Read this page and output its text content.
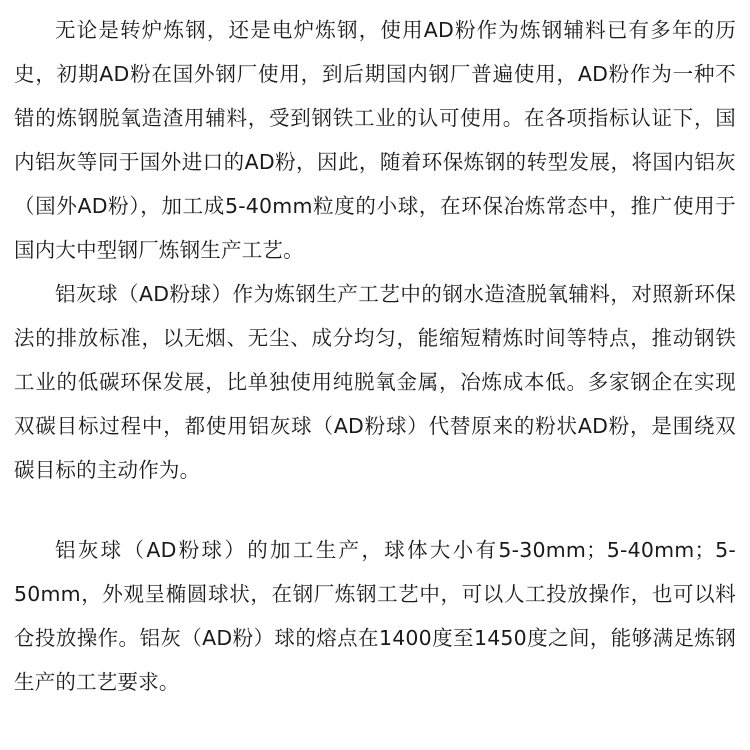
无论是转炉炼钢，还是电炉炼钢，使用AD粉作为炼钢辅料已有多年的历史，初期AD粉在国外钢厂使用，到后期国内钢厂普遍使用，AD粉作为一种不错的炼钢脱氧造渣用辅料，受到钢铁工业的认可使用。在各项指标认证下，国内铝灰等同于国外进口的AD粉，因此，随着环保炼钢的转型发展，将国内铝灰（国外AD粉），加工成5-40mm粒度的小球，在环保冶炼常态中，推广使用于国内大中型钢厂炼钢生产工艺。

铝灰球（AD粉球）作为炼钢生产工艺中的钢水造渣脱氧辅料，对照新环保法的排放标准，以无烟、无尘、成分均匀，能缩短精炼时间等特点，推动钢铁工业的低碳环保发展，比单独使用纯脱氧金属，冶炼成本低。多家钢企在实现双碳目标过程中，都使用铝灰球（AD粉球）代替原来的粉状AD粉，是围绕双碳目标的主动作为。

铝灰球（AD粉球）的加工生产，球体大小有5-30mm；5-40mm；5-50mm，外观呈椭圆球状，在钢厂炼钢工艺中，可以人工投放操作，也可以料仓投放操作。铝灰（AD粉）球的熔点在1400度至1450度之间，能够满足炼钢生产的工艺要求。
